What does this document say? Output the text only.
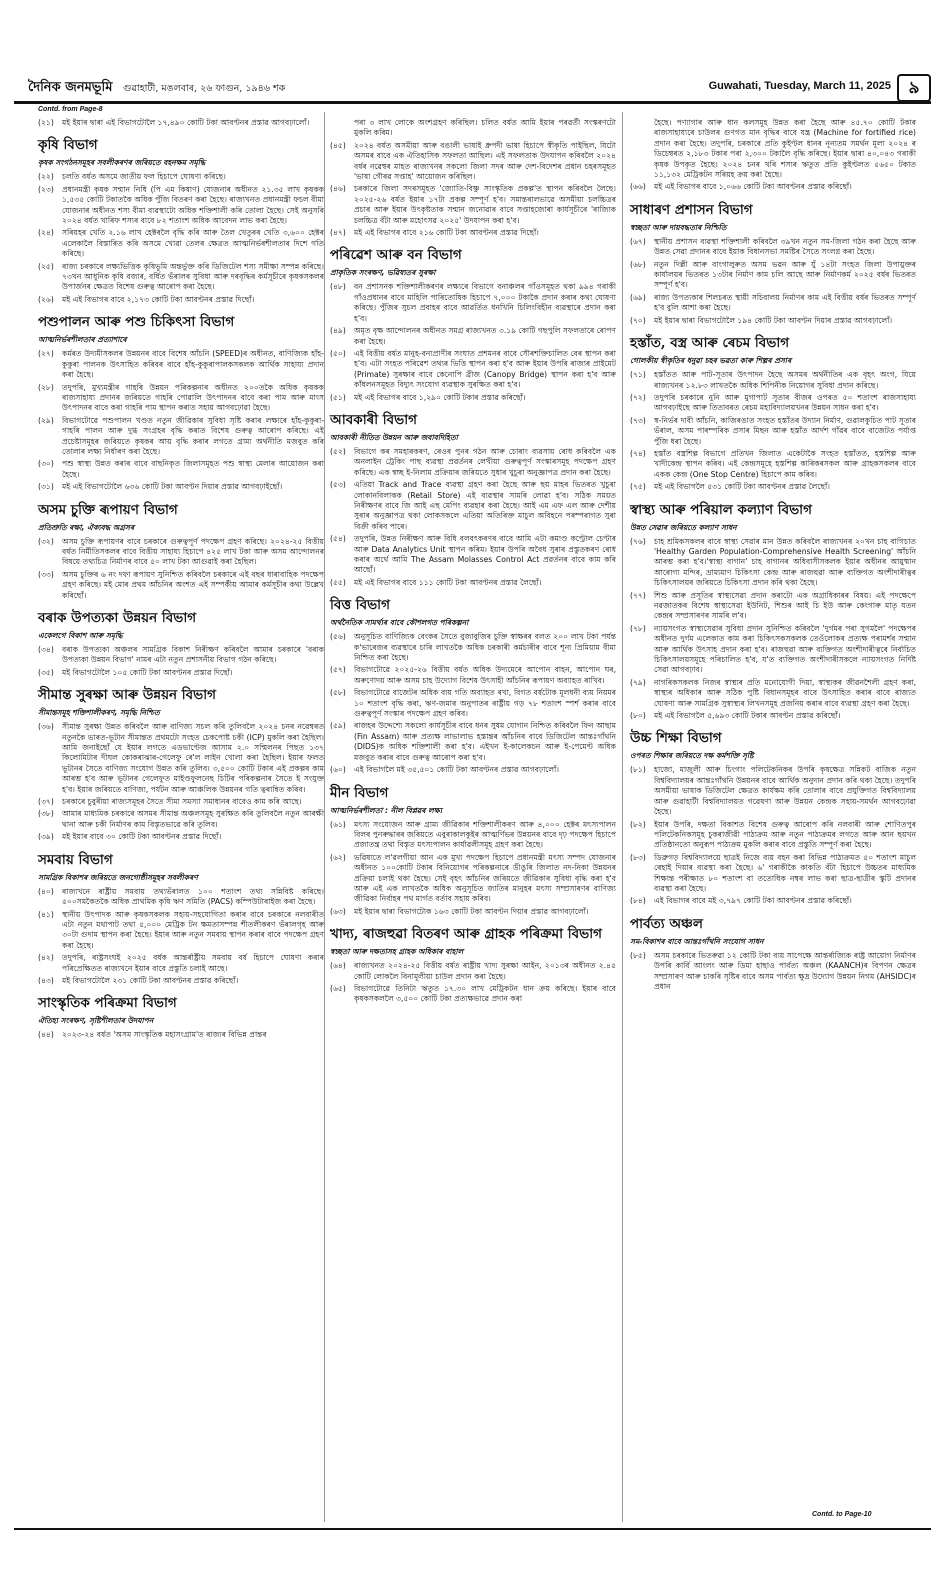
দৈনিক জনমভূমি গুৱাহাটী, মঙলবাৰ, ২৬ ফাগুন, ১৯৪৬ শক	Guwahati, Tuesday, March 11, 2025	৯
Contd. from Page-8
(২১) মই ইয়াৰ দ্বাৰা এই বিভাগটোলৈ ১৭,৪৯০ কোটি টকা আবণ্টনৰ প্ৰস্তাৱ আগবঢ়ালোঁ।
কৃষি বিভাগ
কৃষক সংগঠনসমূহৰ সবলীকৰণৰ জৰিয়তে বহনক্ষম সমৃদ্ধি
(২২) চলতি বৰ্ষত অসমে জাতীয় ফল হিচাপে ঘোষণা কৰিছে।
(২৩) প্ৰধানমন্ত্ৰী কৃষক সন্মান নিধি (পি এম কিষাণ) যোজনাৰ অধীনত ২১.৩৫ লাখ কৃষকক ১,৫৩৫ কোটি টকাতকৈ অধিক পুঁজি বিতৰণ কৰা হৈছে। ৰাজ্যখনত প্ৰধানমন্ত্ৰী ফচল বীমা যোজনাৰ অধীনত শস্য বীমা ব্যৱস্থাটো অধিক শক্তিশালী কৰি তোলা হৈছে। সেই অনুসৰি ২০২৪ বৰ্ষত খাৰিফ শস্যৰ বাবে ৮২ শতাংশ অধিক আবেদন লাভ কৰা হৈছে।
(২৪) সৰিয়হৰ খেতি ২.১৬ লাখ হেক্টৰলৈ বৃদ্ধি কৰি আৰু তৈল খেতুৰৰ খেতি ৩,৬০০ হেক্টৰ এলেকালৈ বিস্তাৰিত কৰি অসমে খোৱা তেলৰ ক্ষেত্ৰত আত্মনিৰ্ভৰশীলতাৰ দিশে গতি কৰিছে।
(২৫) ৰাজ্য চৰকাৰে লক্ষ্যভিত্তিক কৃষিভূমি অন্তৰ্ভুক্ত কৰি ডিজিটেল শস্য সমীক্ষা সম্পন্ন কৰিছে। ৭৩খন আধুনিক কৃষি বজাৰ, বৰ্ধিত ভঁৰালৰ সুবিধা আৰু দৰবৃদ্ধিৰ কৰ্মসূচীৰে কৃষকসকলৰ উপাৰ্জনৰ ক্ষেত্ৰত বিশেষ গুৰুত্ব আৰোপ কৰা হৈছে।
(২৬) মই এই বিভাগৰ বাবে ২,১৭৩ কোটি টকা আবণ্টনৰ প্ৰস্তাৱ দিছোঁ।
পশুপালন আৰু পশু চিকিৎসা বিভাগ
আত্মনিৰ্ভৰশীলতাৰ প্ৰত্যাশাৰে
(২৭) কৰ্মৰত উদ্যমীসকলৰ উন্নয়নৰ বাবে বিশেষ আঁচনি (SPEED)ৰ অধীনত, বাণিজ্যিক হাঁহ-কুকুৰা পালনক উৎসাহিত কৰিবৰ বাবে হাঁহ-কুকুৰাপালকসকলক আৰ্থিক সাহায্য প্ৰদান কৰা হৈছে।
(২৮) তদুপৰি, মুখ্যমন্ত্ৰীৰ গাহৰি উন্নয়ন পৰিকল্পনাৰ অধীনত ২০০তকৈ অধিক কৃষকক ৰাজসাহায্য প্ৰদানৰ জৰিয়তে গাহৰি পোৱালি উৎপাদনৰ বাবে কৰা পাম আৰু মাংস উৎপাদনৰ বাবে কৰা গাহৰি পাম স্থাপন কৰাত সহায় আগবঢ়োৱা হৈছে।
(২৯) বিভাগটোৱে পশুপালন খণ্ডত নতুন জীৱিকাৰ সুবিধা সৃষ্টি কৰাৰ লক্ষ্যৰে হাঁহ-কুকুৰা-গাহৰি পালন আৰু দুগ্ধ সংগ্ৰহৰ বৃদ্ধি কৰাত বিশেষ গুৰুত্ব আৰোপ কৰিছে। এই প্ৰচেষ্টাসমূহৰ জৰিয়তে কৃষকৰ আয় বৃদ্ধি কৰাৰ লগতে গ্ৰাম্য অৰ্থনীতি মজবুত কৰি তোলাৰ লক্ষ্য নিৰ্ধাৰণ কৰা হৈছে।
(৩০) পশু স্বাস্থ্য উন্নত কৰাৰ বাবে বাছনিকৃত জিলাসমূহত পশু স্বাস্থ্য মেলাৰ আয়োজন কৰা হৈছে।
(৩১) মই এই বিভাগটোলৈ ৬৩৬ কোটি টকা আবণ্টন দিয়াৰ প্ৰস্তাৱ আগবঢ়াইছোঁ।
অসম চুক্তি ৰূপায়ণ বিভাগ
প্ৰতিশ্ৰুতি ৰক্ষা, ঐক্যবদ্ধ অগ্ৰসৰ
(৩২) অসম চুক্তি ৰূপায়ণৰ বাবে চৰকাৰে গুৰুত্বপূৰ্ণ পদক্ষেপ গ্ৰহণ কৰিছে। ২০২৪-২৫ বিত্তীয় বৰ্ষত নিৰ্মীতিসকলৰ বাবে বিত্তীয় সাহায্য হিচাপে ৪২৫ লাখ টকা আৰু অসম আন্দোলনৰ বিষয়ে তথ্যচিত্ৰ নিৰ্মাণৰ বাবে ৫০ লাখ টকা আগুৱাই কৰা হৈছিল।
(৩৩) অসম চুক্তিৰ ৬ নং দফা ৰূপায়ণ সুনিশ্চিত কৰিবলৈ চৰকাৰে এই বছৰ ধাৰাবাহিক পদক্ষেপ গ্ৰহণ কৰিছে। মই মোৰ প্ৰথম আঁচনিৰ অংশত এই সম্পৰ্কীয় আমাৰ কৰ্মসূচীৰ কথা উল্লেখ কৰিছোঁ।
বৰাক উপত্যকা উন্নয়ন বিভাগ
একেলগে বিকাশ আৰু সমৃদ্ধি
(৩৪) বৰাক উপত্যকা অঞ্চলৰ সামগ্ৰিক বিকাশ নিৰীক্ষণ কৰিবলৈ আমাৰ চৰকাৰে 'বৰাক উপত্যকা উন্নয়ন বিভাগ' নামৰ এটা নতুন প্ৰশাসনীয় বিভাগ গঠন কৰিছে।
(৩৫) মই বিভাগটোলৈ ১০৫ কোটি টকা আবণ্টনৰ প্ৰস্তাৱ দিছোঁ।
সীমান্ত সুৰক্ষা আৰু উন্নয়ন বিভাগ
সীমান্তসমূহ শক্তিশালীকৰণ, সমৃদ্ধি নিশ্চিত
(৩৬) সীমান্ত সুৰক্ষা উন্নত কৰিবলৈ আৰু বাণিজ্য সচল কৰি তুলিবলৈ ২০২৪ চনৰ নৱেম্বৰত নতুনকৈ ভাৰত-ভূটান সীমান্তত প্ৰথমটো সংহত চেকপোষ্ট চকী (ICP) মুকলি কৰা হৈছিল। আমি জনাইছোঁ যে ইয়াৰ লগতে এডভাণ্টেজ আসাম ২.০ সন্মিলনৰ পিছত ১৩৭ কিলোমিটাৰ দীঘল কোকৰাঝাৰ-গেলেফু ৰে'ল লাইন খোলা কৰা হৈছিল। ইয়াৰ ফলত ভূটানৰ সৈতে বাণিজ্য সংযোগ উন্নত কৰি তুলিব। ৩,৫০০ কোটি টকাৰ এই প্ৰকল্পৰ কাম আৰম্ভ হ'ব আৰু ভূটানৰ গেলেফুত মাইণ্ডফুলনেছ চিটিৰ পৰিকল্পনাৰ সৈতে ই সংযুক্ত হ'ব। ইয়াৰ জৰিয়তে বাণিজ্য, পৰ্যটন আৰু আঞ্চলিক উন্নয়নৰ গতি ত্বৰান্বিত কৰিব।
(৩৭) চৰকাৰে চুবুৰীয়া ৰাজ্যসমূহৰ সৈতে সীমা সমস্যা সমাধানৰ বাবেও কাম কৰি আছে।
(৩৮) আমাৰ মাধ্যমিক চৰকাৰে অসমৰ সীমান্ত অঞ্চলসমূহ সুৰক্ষিত কৰি তুলিবলৈ নতুন আৰক্ষী থানা আৰু চকী নিৰ্মাণৰ কাম বিস্তৃতভাৱে কৰি তুলিব।
(৩৯) মই ইয়াৰ বাবে ৩০ কোটি টকা আবণ্টনৰ প্ৰস্তাৱ দিছোঁ।
সমবায় বিভাগ
সামগ্ৰিক বিকাশৰ জৰিয়তে জনগোষ্ঠীসমূহৰ সবলীকৰণ
(৪০) ৰাজ্যখনে ৰাষ্ট্ৰীয় সমবায় তথ্যভঁৰালত ১০০ শতাংশ তথ্য সন্নিবিষ্ট কৰিছে। ৫০০সমকৈতকৈ অধিক প্ৰাথমিক কৃষি ঋণ সমিতি (PACS) কম্পিউটাৰাইজ কৰা হৈছে।
(৪১) স্থানীয় উৎপাদক আৰু কৃষকসকলক সহায়-সহযোগিতা কৰাৰ বাবে চৰকাৰে নলবাৰীত এটা নতুন মথাপাট তথা ৫,০০০ মেট্ৰিক টন ক্ষমতাসম্পন্ন শীতলীকৰণ ভঁৰালগৃহ আৰু ৩০টা গুদাম স্থাপন কৰা হৈছে। ইয়াৰ আৰু নতুন সমবায় স্থাপন কৰাৰ বাবে পদক্ষেপ গ্ৰহণ কৰা হৈছে।
(৪২) তদুপৰি, ৰাষ্ট্ৰসংঘই ২০২৫ বৰ্ষক আন্তৰ্ৰাষ্ট্ৰীয় সমবায় বৰ্ষ হিচাপে ঘোষণা কৰাৰ পৰিপ্ৰেক্ষিতত ৰাজ্যখনে ইয়াৰ বাবে প্ৰস্তুতি চলাই আছে।
(৪৩) মই বিভাগটোলৈ ২৩১ কোটি টকা আবণ্টনৰ প্ৰস্তাৱ কৰিছোঁ।
সাংস্কৃতিক পৰিক্ৰমা বিভাগ
ঐতিহ্য সংৰক্ষণ, সৃষ্টিশীলতাৰ উদযাপন
(৪৪) ২০২৩-২৪ বৰ্ষত 'অসম সাংস্কৃতিক মহাসংগ্ৰাম'ত ৰাজ্যৰ বিভিন্ন প্ৰান্তৰ
পৰা ৩ লাখ লোকে অংশগ্ৰহণ কৰিছিল। চলিত বৰ্ষত আমি ইয়াৰ পৰৱৰ্তী সংস্কৰণটো মুকলি কৰিম।
(৪৫) ২০২৪ বৰ্ষত অসমীয়া আৰু বঙালী ভাষাই ধ্ৰুপদী ভাষা হিচাপে স্বীকৃতি পাইছিল, যিটো অসমৰ বাবে এক ঐতিহাসিক সফলতা আছিল। এই সফলতাক উদযাপন কৰিবলৈ ২০২৪ বৰ্ষৰ নৱেম্বৰ মাহত ৰাজ্যখনৰ সকলো জিলা সদৰ আৰু দেশ-বিদেশৰ প্ৰধান চহৰসমূহত 'ভাষা গৌৰৱ সপ্তাহ' আয়োজন কৰিছিল।
(৪৬) চৰকাৰে জিলা সদৰসমূহত 'জ্যোতি-বিষ্ণু সাংস্কৃতিক প্ৰকল্প'ত স্থাপন কৰিবলৈ লৈছে। ২০২৫-২৬ বৰ্ষত ইয়াৰ ১৭টা প্ৰকল্প সম্পূৰ্ণ হ'ব। সমান্তৰালভাৱে অসমীয়া চলচ্চিত্ৰৰ প্ৰচাৰ আৰু ইয়াৰ উৎকৃষ্টতাক সন্মান জনোৱাৰ বাবে সপ্তাহজোৰা কাৰ্যসূচীৰে 'ৰাজ্যিক চলচ্চিত্ৰ বঁটা আৰু মহোৎসৱ ২০২৫' উদযাপন কৰা হ'ব।
(৪৭) মই এই বিভাগৰ বাবে ২১৬ কোটি টকা আবণ্টনৰ প্ৰস্তাৱ দিছোঁ।
পৰিৱেশ আৰু বন বিভাগ
প্ৰাকৃতিক সংৰক্ষণ, ভৱিষ্যতৰ সুৰক্ষা
(৪৮) বন প্ৰশাসনক শক্তিশালীকৰণৰ লক্ষ্যৰে বিভাগে বনাঞ্চলৰ গাঁওসমূহত থকা ৯৯৪ গৰাকী গাঁওপ্ৰধানৰ বাবে মাহিলি পাৰিতোষিক হিচাপে ৭,০০০ টকাকৈ প্ৰদান কৰাৰ কথা ঘোষণা কৰিছে। পুঁজিৰ সুচল প্ৰবাহৰ বাবে আৱৰ্তিত ধনখিনি চিলিংবিহীন ব্যৱস্থাৰে প্ৰদান কৰা হ'ব।
(৪৯) অমৃত বৃক্ষ আন্দোলনৰ অধীনত সমগ্ৰ ৰাজ্যখনত ৩.১৯ কোটি গছপুলি সফলতাৰে ৰোপণ কৰা হৈছে।
(৫০) এই বিত্তীয় বৰ্ষত মানুহ-বন্যপ্ৰাণীৰ সংঘাত প্ৰশমনৰ বাবে সৌৰশক্তিচালিত বেৰ স্থাপন কৰা হ'ব। এটা সংহত পৰিৱেশ তথ্যৰ ভিত্তি স্থাপন কৰা হ'ব আৰু ইয়াৰ উপৰি ৰাজ্যৰ প্ৰাইমেট (Primate) সুৰক্ষাৰ বাবে কেনোপি ব্ৰীজ (Canopy Bridge) স্থাপন কৰা হ'ব আৰু কাঁধলনসমূহত বিদ্যুৎ সংযোগ ব্যৱস্থাক সুৰক্ষিত কৰা হ'ব।
(৫১) মই এই বিভাগৰ বাবে ১,২৯০ কোটি টকাৰ প্ৰস্তাৱ কৰিছোঁ।
আবকাৰী বিভাগ
আবকাৰী নীতিত উন্নয়ন আৰু জবাবদিহিতা
(৫২) বিভাগে কৰ সমহাৰকৰণ, ৰেওৰ পুনৰ গঠন আৰু চোৰাং ব্যৱসায় ৰোধ কৰিবলৈ এক অনলাইন ট্ৰেকিং পাছ ব্যৱস্থা প্ৰৱৰ্তনৰ লেখীয়া গুৰুত্বপূৰ্ণ সংস্কাৰসমূহ পদক্ষেপ গ্ৰহণ কৰিছে। এক স্বচ্ছ ই-নিলাম প্ৰক্ৰিয়াৰ জৰিয়তে সুধাৰ খুচুৰা অনুজ্ঞাপত্ৰ প্ৰদান কৰা হৈছে।
(৫৩) এতিয়া Track and Trace ব্যৱস্থা গ্ৰহণ কৰা হৈছে আৰু ছয় মাহৰ ভিতৰত খুচুৰা লোকানবিলাকক (Retail Store) এই ব্যৱস্থাৰ সামৰি লোৱা হ'ব। সঠিক সময়ত নিৰীক্ষণৰ বাবে জি আই এছ মেপিং ব্যৱহাৰ কৰা হৈছে। আই এম এফ এল আৰু দেশীয় সুৰাৰ অনুজ্ঞাপত্ৰ থকা লোকসকলে এতিয়া অতিৰিক্ত মাচুল অবিহনে পৰম্পৰাগত সুৰা বিক্ৰী কৰিব পাৰে।
(৫৪) তদুপৰি, উন্নত নিৰীক্ষণ আৰু বিধি বলবৎকৰণৰ বাবে আমি এটা কমাণ্ড কণ্ট্ৰোল চেণ্টাৰ আৰু Data Analytics Unit স্থাপন কৰিম। ইয়াৰ উপৰি অবৈধ সুৰাৰ প্ৰস্তুতকৰণ ৰোধ কৰাৰ অৰ্থে আমি The Assam Molasses Control Act প্ৰৱৰ্তনৰ বাবে কাম কৰি আছোঁ।
(৫৫) মই এই বিভাগৰ বাবে ১১১ কোটি টকা আবণ্টনৰ প্ৰস্তাৱ লৈছোঁ।
বিত্ত বিভাগ
অৰ্থনৈতিক সামৰ্থ্যৰ বাবে কৌশলগত পৰিকল্পনা
(৫৬) অনুসূচিত বাণিজ্যিক বেংকৰ সৈতে বুজাবুজিৰ চুক্তি স্বাক্ষৰৰ বলত ২০০ লাখ টকা পৰ্যন্ত ক'ভাৰেজৰ ব্যৱস্থাৰে চাৰি লাখতকৈ অধিক চৰকাৰী কৰ্মচাৰীৰ বাবে শূন্য প্ৰিমিয়াম বীমা নিশ্চিত কৰা হৈছে।
(৫৭) বিভাগটোৱে ২০২৫-২৬ বিত্তীয় বৰ্ষত অধিক উদ্যমেৰে আপোন বাহন, আপোন ঘৰ, অৰুণোদয় আৰু অসম চাহ উদ্যোগ বিশেষ উৎসাহী আঁচনিৰ ৰূপায়ণ অব্যাহত ৰাখিব।
(৫৮) বিভাগটোৱে বাজেটৰ অধিক ব্যয় গতি অব্যাহত ৰখা, বিগত বৰ্ষটোক মূলধনী ব্যয় নিয়মৰ ১০ শতাংশ বৃদ্ধি কৰা, ঋণ-জমাৰ অনুপাতৰ ৰাষ্ট্ৰীয় গড় ৭৮ শতাংশ স্পৰ্শ কৰাৰ বাবে গুৰুত্বপূৰ্ণ সংস্কাৰ পদক্ষেপ গ্ৰহণ কৰিব।
(৫৯) ৰাজহৰ উদ্দেশ্যে সকলো কাৰ্যসূচীৰ বাবে ধনৰ সুষম যোগান নিশ্চিত কৰিবলৈ ফিন আছাম (Fin Assam) আৰু প্ৰত্যক্ষ লাভালাভ হস্তান্তৰ আঁচনিৰ বাবে ডিজিটেল আন্তঃগাঁথনি (DIDS)ক অধিক শক্তিশালী কৰা হ'ব। এইখন ই-কালেকচন আৰু ই-পেমেণ্ট অধিক মজবুত কৰাৰ বাবে গুৰুত্ব আৰোপ কৰা হ'ব।
(৬০) এই বিভাগলৈ মই ৩৫,৫০১ কোটি টকা আবণ্টনৰ প্ৰস্তাৱ আগবঢ়ালোঁ।
মীন বিভাগ
আত্মনিৰ্ভৰশীলতা : নীল বিপ্লৱৰ লক্ষ্য
(৬১) মৎস্য সংযোজন আৰু গ্ৰাম্য জীৱিকাৰ শক্তিশালীকৰণ আৰু ৪,০০০ হেক্টৰ মৎস্যপালন বিলৰ পুনৰুদ্ধাৰৰ জৰিয়তে এবুৰাকালকুইৰ আত্মৰ্ণিভৰ উন্নয়নৰ বাবে দৃঢ় পদক্ষেপ হিচাপে প্ৰজাতন্ত্ৰ তথা বিস্তৃত মৎস্যপালন কাৰ্যাৱলীসমূহ গ্ৰহণ কৰা হৈছে।
(৬২) ভৱিষ্যতে ল'ৱলগীয়া আন এক মুখ্য পদক্ষেপ হিচাপে প্ৰধানমন্ত্ৰী মৎস্য সম্পদ যোজনাৰ অধীনত ১০০কোটি টকাৰ বিনিয়োগৰ পৰিকল্পনাৰে ডীঙুৰি জিলাত নদ-নিকা উন্নয়নৰ প্ৰক্ৰিয়া চলাই থকা হৈছে। সেই বৃহৎ আঁচনিৰ জৰিয়তে জীৱিকাৰ সুবিধা বৃদ্ধি কৰা হ'ব আৰু এই এক লাখতকৈ অধিক অনুসূচিত জাতিৰ মানুহৰ মৎস্য সম্প্ৰসাৰণৰ বাণিজ্য জীৱিকা নিৰ্বাহৰ পথ মাৰ্গত বৰ্তাব সহায় কৰিব।
(৬৩) মই ইয়াৰ দ্বাৰা বিভাগটোক ১৬৩ কোটি টকা আবণ্টন দিয়াৰ প্ৰস্তাৱ আগবঢ়ালোঁ।
খাদ্য, ৰাজহুৱা বিতৰণ আৰু গ্ৰাহক পৰিক্ৰমা বিভাগ
স্বচ্ছতা আৰু দক্ষতাসহ গ্ৰাহক অধিকাৰ বাহাল
(৬৪) ৰাজ্যখনত ২০২৪-২৫ বিত্তীয় বৰ্ষত ৰাষ্ট্ৰীয় খাদ্য সুৰক্ষা আইন, ২০১৩ৰ অধীনত ২.৪৫ কোটি লোকলৈ বিনামূলীয়া চাউল প্ৰদান কৰা হৈছে।
(৬৫) বিভাগটোৱে তিনিটা ঋতুত ১৭.৩০ লাখ মেট্ৰিকটন ধান ক্ৰয় কৰিছে। ইয়াৰ বাবে কৃষকসকললৈ ৩,৫০০ কোটি টকা প্ৰত্যক্ষভাৱে প্ৰদান কৰা
হৈছে। পণ্যাগাৰ আৰু ধান কলসমূহ উন্নত কৰা হৈছে আৰু ৪৫.৭০ কোটি টকাৰ ৰাজসাহায্যৰে চাউলৰ গুণগত মান বৃদ্ধিৰ বাবে যন্ত্ৰ (Machine for fortified rice) প্ৰদান কৰা হৈছে। তদুপৰি, চৰকাৰে প্ৰতি কুইণ্টল ধানৰ নূন্যতম সমৰ্থন মূল্য ২০২৪ ৰ ডিচেম্বৰত ২,১৮৩ টকাৰ পৰা ২,৩০০ টকালৈ বৃদ্ধি কৰিছে। ইয়াৰ দ্বাৰা ৪০,০৪৩ গৰাকী কৃষক উপকৃত হৈছে। ২০২৪ চনৰ খৰি শস্যৰ ঋতুত প্ৰতি কুইণ্টলত ৫৬৫০ টকাত ১১,১৩২ মেট্ৰিকটন সৰিয়হ ক্ৰয় কৰা হৈছে।
(৬৬) মই এই বিভাগৰ বাবে ১,০৬৬ কোটি টকা আবণ্টনৰ প্ৰস্তাৱ কৰিছোঁ।
সাধাৰণ প্ৰশাসন বিভাগ
স্বচ্ছতা আৰু দায়বদ্ধতাৰ নিশ্চিতি
(৬৭) স্থানীয় প্ৰশাসন ব্যৱস্থা শক্তিশালী কৰিবলৈ ৩৯খন নতুন সম-জিলা গঠন কৰা হৈছে আৰু উন্নত সেৱা প্ৰদানৰ বাবে ইয়াক বিধানসভা সমষ্টিৰ সৈতে সংলগ্ন কৰা হৈছে।
(৬৮) নতুন দিল্লী আৰু বাংগালুৰুত অসম ভৱন আৰু যুঁ ১৪টা সংহত জিলা উপায়ুক্তৰ কাৰ্যালয়ৰ ভিতৰত ১৩টাৰ নিৰ্মাণ কাম চলি আছে আৰু নিৰ্মাণকৰ্ম ২০২৫ বৰ্ষৰ ভিতৰত সম্পূৰ্ণ হ'ব।
(৬৯) ৰাজ্য উপত্যকাৰ শিলচৰত স্থায়ী সচিবালয় নিৰ্মাণৰ কাম এই বিত্তীয় বৰ্ষৰ ভিতৰত সম্পূৰ্ণ হ'ব বুলি আশা কৰা হৈছে।
(৭০) মই ইয়াৰ দ্বাৰা বিভাগটোলৈ ১৯৪ কোটি টকা আবণ্টন দিয়াৰ প্ৰস্তাৱ আগবঢ়ালোঁ।
হস্তাঁত, বস্ত্ৰ আৰু ৰেচম বিভাগ
গোলকীয় স্বীকৃতিৰ ধনুৱা চহৰ ভৱতা কাৰু শিল্পৰ প্ৰসাৰ
(৭১) হস্তাঁতত আৰু পাট-সূতাৰ উৎপাদন হৈছে অসমৰ অৰ্থনীতিৰ এক বৃহৎ অংগ, যিয়ে ৰাজ্যখনৰ ১২.৮৩ লাখতকৈ অধিক শিপিনীক নিয়োগৰ সুবিধা প্ৰদান কৰিছে।
(৭২) তদুপৰি চৰকাৰে নুনি আৰু মুগাপাট সূতাৰ বীজৰ ওপৰত ৫০ শতাংশ ৰাজসাহায্য আগবঢ়াইছে আৰু তিতাবৰত ৰেচম মহাবিদ্যালয়খনৰ উন্নয়ন সাধন কৰা হ'ব।
(৭৩) স্ব-নিৰ্ভৰ দাবী আঁচনি, কাজিৰঙাত সংহত হস্তাঁতৰ উদ্যান নিৰ্মাণ, গুৱালকুচিত পাট সূতাৰ ভঁৰাল, অসম পাৰম্পৰিক প্ৰসাৰ মিছন আৰু হস্তাঁত আৰ্দশ গাঁৱৰ বাবে বাজেটত পৰ্যাপ্ত পুঁজি ধৰা হৈছে।
(৭৪) হস্তাঁত বস্ত্ৰশিল্প বিভাগে প্ৰতিখন জিলাত একেটাকৈ সংহত হস্তাঁতত, হস্তশিল্প আৰু খাদীকেন্দ্ৰ স্থাপন কৰিব। এই কেন্দ্ৰসমূহে হস্তশিল্প কাৰিকৰসকল আৰু গ্ৰাহকসকলৰ বাবে একক কেন্দ্ৰ (One Stop Centre) হিচাপে কাম কৰিব।
(৭৫) মই এই বিভাগলৈ ৫৩১ কোটি টকা আবণ্টনৰ প্ৰস্তাৱ লৈছোঁ।
স্বাস্থ্য আৰু পৰিয়াল কল্যাণ বিভাগ
উন্নত সেৱাৰ জৰিয়তে কল্যাণ সাধন
(৭৬) চাহ শ্ৰমিকসকলৰ বাবে স্বাস্থ্য সেৱাৰ মান উন্নত কৰিবলৈ ৰাজ্যখনৰ ২০খন চাহ বাগিচাত 'Healthy Garden Population-Comprehensive Health Screening' আঁচনি আৰম্ভ কৰা হ'ব।'স্বাস্থ্য বাগান' চাহ বাগানৰ অধিবাসীসকলক ইয়াৰ অধীনৰ আয়ুষ্মান আৰোগ্য মন্দিৰ, ভ্ৰাম্যমাণ চিকিৎসা কেন্দ্ৰ আৰু ৰাজহুৱা আৰু ব্যক্তিগত অংশীদাৰীত্বৰ চিকিৎসালয়ৰ জৰিয়তে চিকিৎসা প্ৰদান কৰি থকা হৈছে।
(৭৭) শিশু আৰু প্ৰসূতিৰ স্বাস্থ্যসেৱা প্ৰদান কৰাটো এক অগ্ৰাধিকাৰৰ বিষয়। এই পদক্ষেপে নৱজাতকৰ বিশেষ স্বাস্থ্যসেৱা ইউনিট, শিশুৰ আই চি ইউ আৰু কেংগাৰু মাতৃ যতন কেন্দ্ৰৰ সম্প্ৰসাৰণৰ সামৰি ল'ব।
(৭৮) ন্যায়সংগত স্বাস্থ্যসেৱাৰ সুবিধা প্ৰদান সুনিশ্চিত কৰিবলৈ 'দুৰ্গমৰ পৰা সুগমলৈ' পদক্ষেপৰ অধীনত দুৰ্গম এলেকাত কাম কৰা চিকিৎসকসকলক তেওঁলোকৰ প্ৰত্যক্ষ পৰামৰ্শৰ সন্মান আৰু আৰ্থিক উৎসাহ প্ৰদান কৰা হ'ব। ৰাজহুৱা আৰু ব্যক্তিগত অংশীদাৰীত্বৰে নিৰ্বাচিত চিকিৎসালয়সমূহে পৰিচালিত হ'ব, য'ত ব্যক্তিগত অংশীদাৰীসকলে ন্যায়সংগত নিৰ্দিষ্ট সেৱা আগবঢ়াব।
(৭৯) নাগৰিকসকলক নিজৰ স্বাস্থ্যৰ প্ৰতি মনোযোগী দিয়া, স্বাস্থ্যকৰ জীৱনশৈলী গ্ৰহণ কৰা, স্বাস্থ্যৰ অধিকাৰ আৰু সঠিক পুষ্টি বিধানসমূহৰ বাবে উৎসাহিত কৰাৰ বাবে ৰাজ্যত ঘোষণা আৰু সামগ্ৰিক সুস্বাস্থ্যৰ লিখনসমূহ প্ৰজনিয় কৰাৰ বাবে ব্যৱস্থা গ্ৰহণ কৰা হৈছে।
(৮০) মই এই বিভাগলৈ ৫,৬৯৩ কোটি টকাৰ আবণ্টন প্ৰস্তাৱ কৰিছোঁ।
উচ্চ শিক্ষা বিভাগ
ওপৰত শিক্ষাৰ জৰিয়তে দক্ষ কৰ্মশক্তি সৃষ্টি
(৮১) হাজো, মাজুলী আৰু চিংগাং পলিটেকনিকৰ উপৰি কৃষক্ষেত্ৰ সন্নিকট বাজিক নতুন বিশ্ববিদ্যালয়ৰ আন্তঃগাঁথনি উন্নয়নৰ বাবে আৰ্থিক অনুদান প্ৰদান কৰি থকা হৈছে। তদুপৰি অসমীয়া ভাষাক ডিজিটেল ক্ষেত্ৰত কাৰ্যক্ষম কৰি তোলাৰ বাবে প্ৰযুক্তিগত বিশ্ববিদ্যালয় আৰু গুৱাহাটী বিশ্ববিদ্যালয়ত গৱেষণা আৰু উন্নয়ন কেন্দ্ৰক সহায়-সমৰ্থন আগবঢ়োৱা হৈছে।
(৮২) ইয়াৰ উপৰি, দক্ষতা বিকাশত বিশেষ গুৰুত্ব আৰোপ কৰি নলবাৰী আৰু শোণিতপুৰ পলিটেকনিকসমূহ চুকৰাজীৱী পাঠ্যক্ৰম আৰু নতুন পাঠ্যক্ৰমৰ লগতে আৰু আন ছয়খন প্ৰতিষ্ঠানতো অনুৰূপ পাঠ্যক্ৰম মুকলি কৰাৰ বাবে প্ৰস্তুতি সম্পূৰ্ণ কৰা হৈছে।
(৮৩) ডিব্ৰুগড় বিশ্ববিদ্যালয়ে ছাত্ৰই নিজে ব্যয় বহন কৰা বিভিন্ন পাঠ্যক্ৰমত ৫০ শতাংশ মাচুল ৰেহাই দিয়াৰ ব্যৱস্থা কৰা হৈছে। ৬' গৰাকীকৈ কাকতি বঁটা হিচাপে উচ্চতৰ মাধ্যমিক শিক্ষান্ত পৰীক্ষাত ৮০ শতাংশ বা ততোধিক নম্বৰ লাভ কৰা ছাত্ৰ-ছাত্ৰীৰ স্কুটি প্ৰদানৰ ব্যৱস্থা কৰা হৈছে।
(৮৪) এই বিভাগৰ বাবে মই ৩,৭৯৭ কোটি টকা আবণ্টনৰ প্ৰস্তাৱ কৰিছোঁ।
পাৰ্বত্য অঞ্চল
সম-বিকাশৰ বাবে আন্তঃগাঁথনি সংযোগ সাধন
(৮৫) অসম চৰকাৰে ভিতৰুৱা ১২ কোটি টকা ব্যয় সাপেক্ষে আন্তৰ্ৰাজ্যিক ৰাষ্ট্ৰ আয়োগ নিৰ্মাণৰ উপৰি কাৰ্বি আংলং আৰু ডিমা হাছাও পাৰ্বত্য অঞ্চল (KAANCH)ৰ বিপণন ক্ষেত্ৰৰ সম্প্ৰসাৰণ আৰু চাকৰি সৃষ্টিৰ বাবে অসম পাৰ্বত্য ক্ষুদ্ৰ উদ্যোগ উন্নয়ন নিগম (AHSIDC)ৰ প্ৰধান
Contd. to Page-10
